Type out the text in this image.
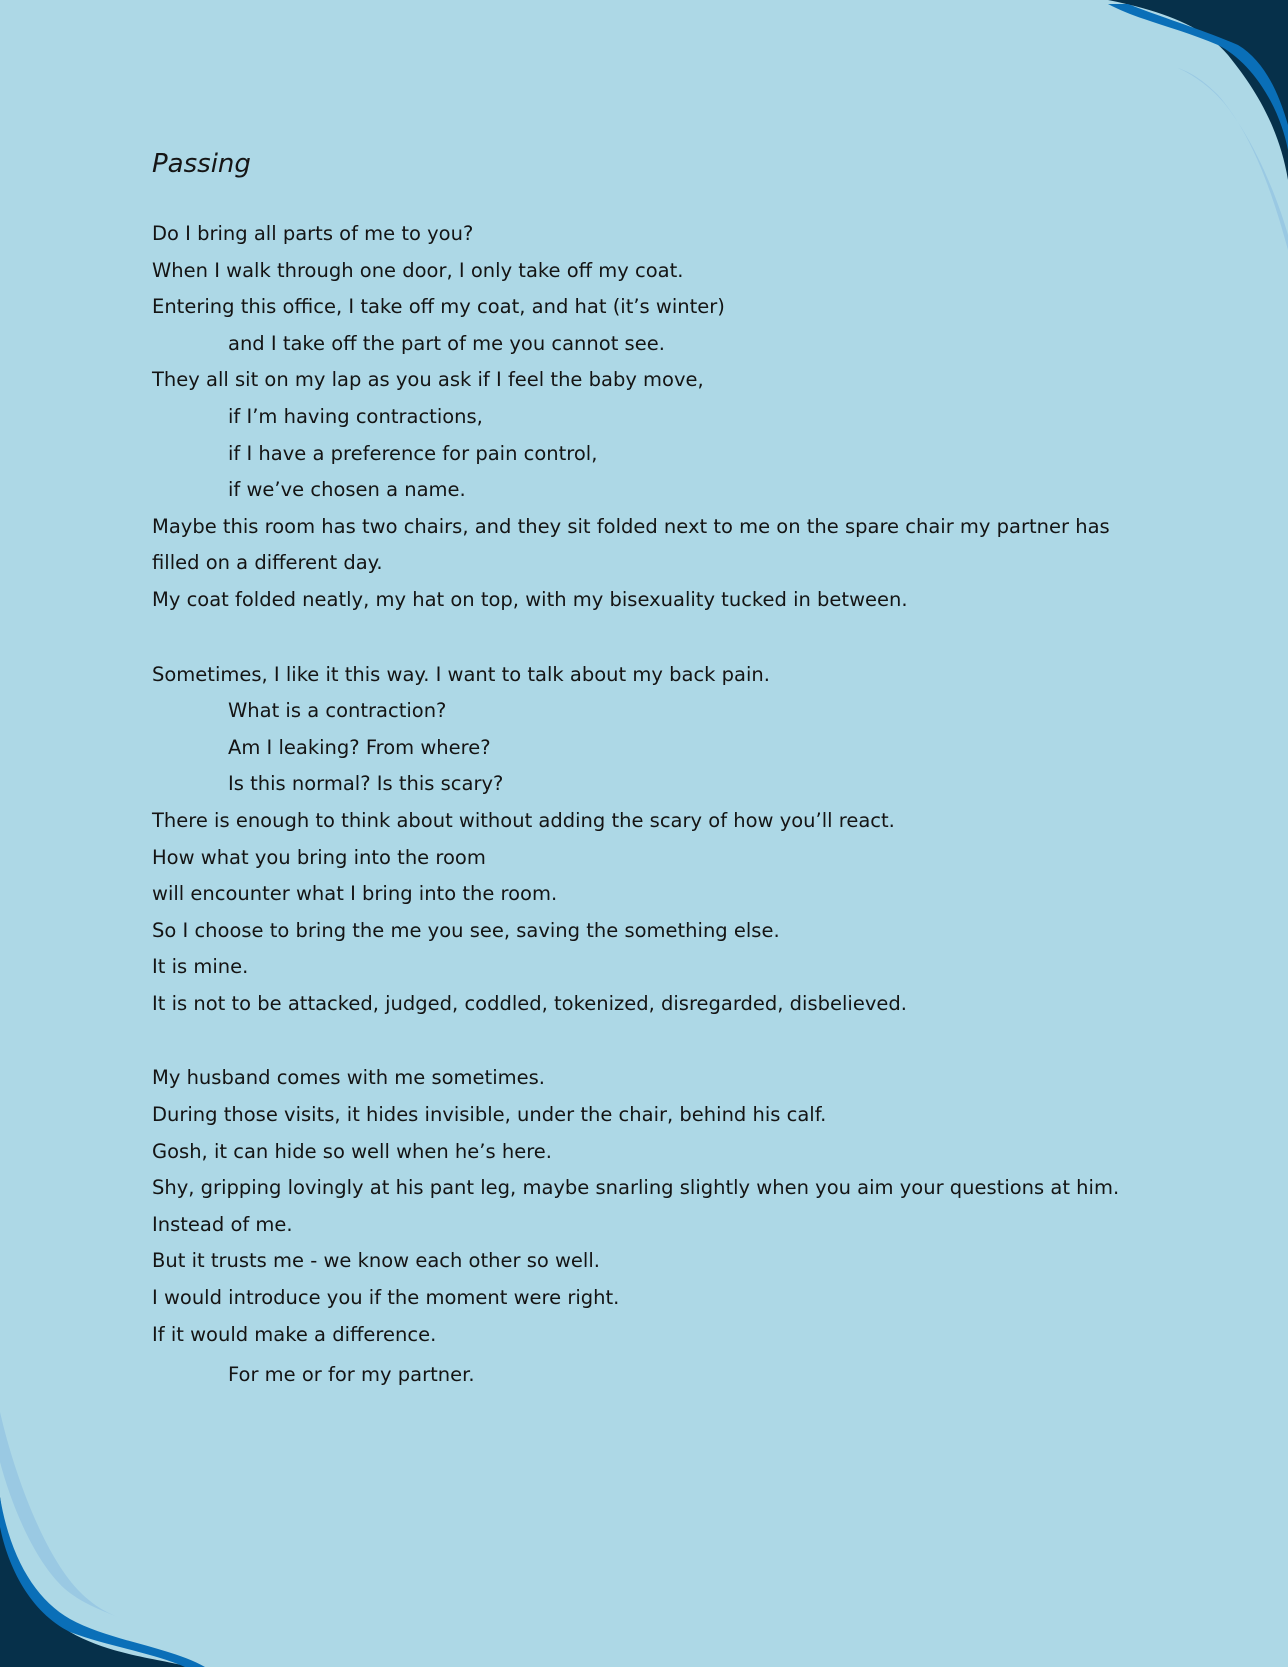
Passing
Do I bring all parts of me to you?
When I walk through one door, I only take off my coat.
Entering this office, I take off my coat, and hat (it’s winter)
and I take off the part of me you cannot see.
They all sit on my lap as you ask if I feel the baby move,
if I’m having contractions,
if I have a preference for pain control,
if we’ve chosen a name.
Maybe this room has two chairs, and they sit folded next to me on the spare chair my partner has filled on a different day.
My coat folded neatly, my hat on top, with my bisexuality tucked in between.
Sometimes, I like it this way. I want to talk about my back pain.
What is a contraction?
Am I leaking? From where?
Is this normal? Is this scary?
There is enough to think about without adding the scary of how you’ll react.
How what you bring into the room
will encounter what I bring into the room.
So I choose to bring the me you see, saving the something else.
It is mine.
It is not to be attacked, judged, coddled, tokenized, disregarded, disbelieved.
My husband comes with me sometimes.
During those visits, it hides invisible, under the chair, behind his calf.
Gosh, it can hide so well when he’s here.
Shy, gripping lovingly at his pant leg, maybe snarling slightly when you aim your questions at him.
Instead of me.
But it trusts me - we know each other so well.
I would introduce you if the moment were right.
If it would make a difference.
For me or for my partner.
